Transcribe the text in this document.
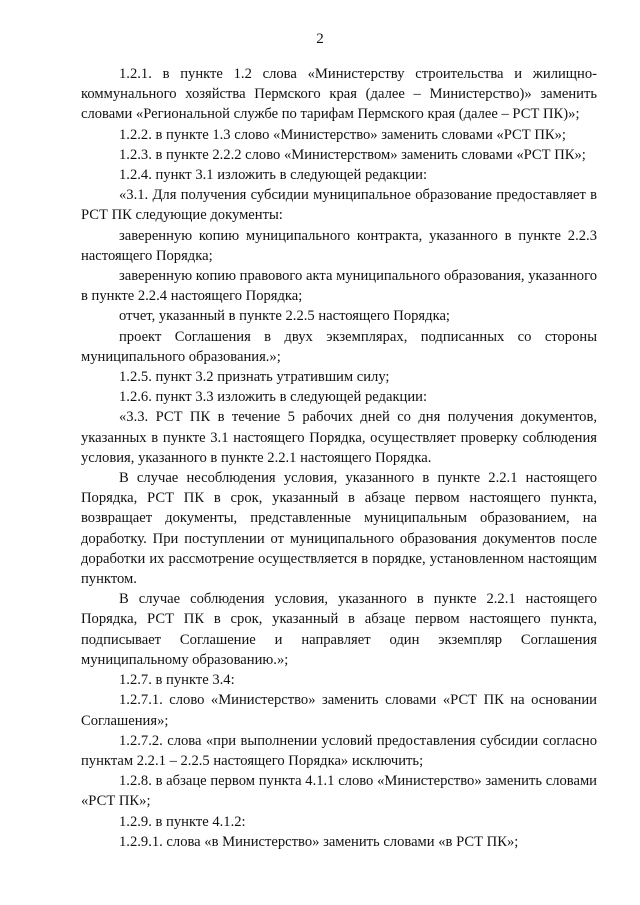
2

1.2.1. в пункте 1.2 слова «Министерству строительства и жилищно-коммунального хозяйства Пермского края (далее – Министерство)» заменить словами «Региональной службе по тарифам Пермского края (далее – РСТ ПК)»;

1.2.2. в пункте 1.3 слово «Министерство» заменить словами «РСТ ПК»;

1.2.3. в пункте 2.2.2 слово «Министерством» заменить словами «РСТ ПК»;

1.2.4. пункт 3.1 изложить в следующей редакции:

«3.1. Для получения субсидии муниципальное образование предоставляет в РСТ ПК следующие документы:

заверенную копию муниципального контракта, указанного в пункте 2.2.3 настоящего Порядка;

заверенную копию правового акта муниципального образования, указанного в пункте 2.2.4 настоящего Порядка;

отчет, указанный в пункте 2.2.5 настоящего Порядка;

проект Соглашения в двух экземплярах, подписанных со стороны муниципального образования.»;

1.2.5. пункт 3.2 признать утратившим силу;

1.2.6. пункт 3.3 изложить в следующей редакции:

«3.3. РСТ ПК в течение 5 рабочих дней со дня получения документов, указанных в пункте 3.1 настоящего Порядка, осуществляет проверку соблюдения условия, указанного в пункте 2.2.1 настоящего Порядка.

В случае несоблюдения условия, указанного в пункте 2.2.1 настоящего Порядка, РСТ ПК в срок, указанный в абзаце первом настоящего пункта, возвращает документы, представленные муниципальным образованием, на доработку. При поступлении от муниципального образования документов после доработки их рассмотрение осуществляется в порядке, установленном настоящим пунктом.

В случае соблюдения условия, указанного в пункте 2.2.1 настоящего Порядка, РСТ ПК в срок, указанный в абзаце первом настоящего пункта, подписывает Соглашение и направляет один экземпляр Соглашения муниципальному образованию.»;

1.2.7. в пункте 3.4:

1.2.7.1. слово «Министерство» заменить словами «РСТ ПК на основании Соглашения»;

1.2.7.2. слова «при выполнении условий предоставления субсидии согласно пунктам 2.2.1 – 2.2.5 настоящего Порядка» исключить;

1.2.8. в абзаце первом пункта 4.1.1 слово «Министерство» заменить словами «РСТ ПК»;

1.2.9. в пункте 4.1.2:

1.2.9.1. слова «в Министерство» заменить словами «в РСТ ПК»;
